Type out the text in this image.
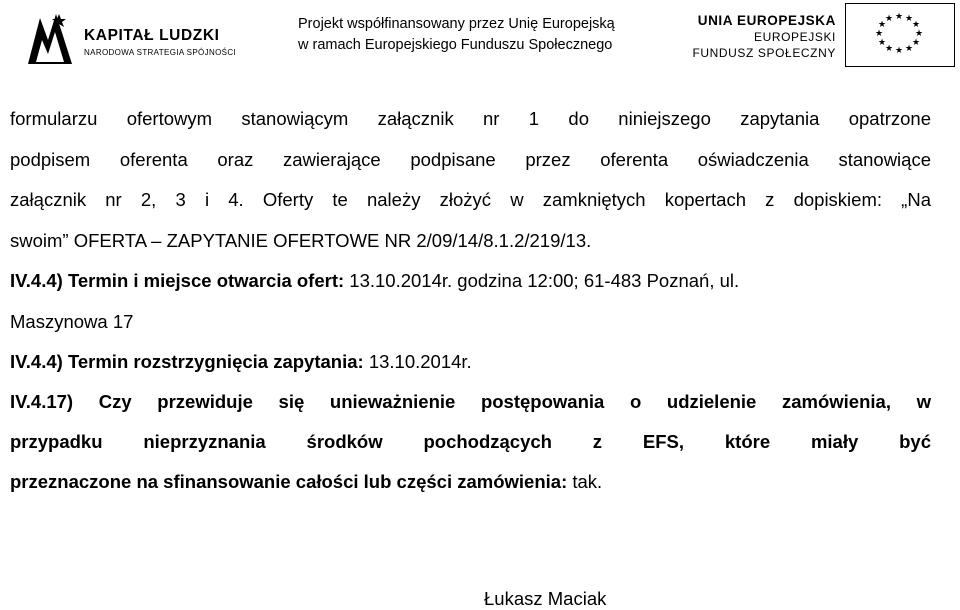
KAPITAŁ LUDZKI
NARODOWA STRATEGIA SPÓJNOŚCI
Projekt współfinansowany przez Unię Europejską
w ramach Europejskiego Funduszu Społecznego
UNIA EUROPEJSKA
EUROPEJSKI
FUNDUSZ SPOŁECZNY
★ ★
★
★
★
★
★
★
★
★
★
★
formularzu ofertowym stanowiącym załącznik nr 1 do niniejszego zapytania opatrzone
podpisem oferenta oraz zawierające podpisane przez oferenta oświadczenia stanowiące
załącznik nr 2, 3 i 4. Oferty te należy złożyć w zamkniętych kopertach z dopiskiem: „Na
swoim” OFERTA – ZAPYTANIE OFERTOWE NR 2/09/14/8.1.2/219/13.
IV.4.4) Termin i miejsce otwarcia ofert: 13.10.2014r. godzina 12:00; 61-483 Poznań, ul.
Maszynowa 17
IV.4.4) Termin rozstrzygnięcia zapytania: 13.10.2014r.
IV.4.17) Czy przewiduje się unieważnienie postępowania o udzielenie zamówienia, w
przypadku nieprzyznania środków pochodzących z EFS, które miały być
przeznaczone na sfinansowanie całości lub części zamówienia: tak.
Łukasz Maciak
